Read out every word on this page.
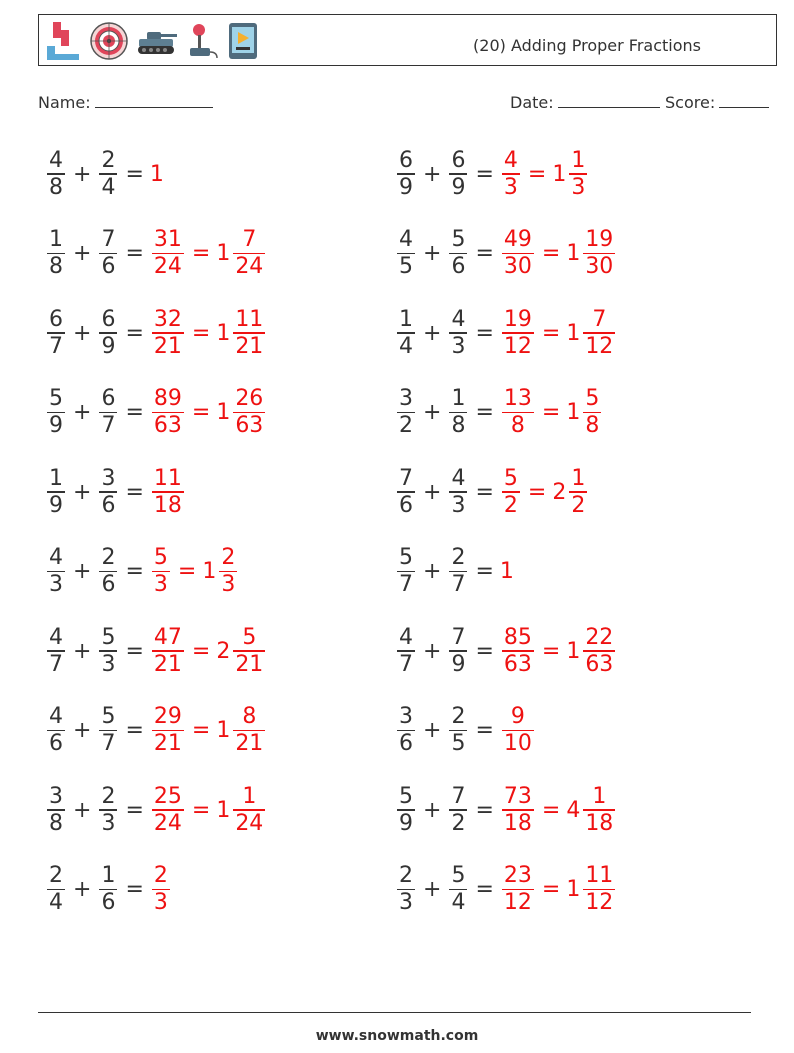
(20) Adding Proper Fractions
Name:	Date:	Score:
$\frac{4}{8} + \frac{2}{4} = 1$	$\frac{6}{9} + \frac{6}{9} = \frac{4}{3} = 1 \frac{1}{3}$
$\frac{1}{8} + \frac{7}{6} = \frac{31}{24} = 1 \frac{7}{24}$	$\frac{4}{5} + \frac{5}{6} = \frac{49}{30} = 1 \frac{19}{30}$
$\frac{6}{7} + \frac{6}{9} = \frac{32}{21} = 1 \frac{11}{21}$	$\frac{1}{4} + \frac{4}{3} = \frac{19}{12} = 1 \frac{7}{12}$
$\frac{5}{9} + \frac{6}{7} = \frac{89}{63} = 1 \frac{26}{63}$	$\frac{3}{2} + \frac{1}{8} = \frac{13}{8} = 1 \frac{5}{8}$
$\frac{1}{9} + \frac{3}{6} = \frac{11}{18}$	$\frac{7}{6} + \frac{4}{3} = \frac{5}{2} = 2 \frac{1}{2}$
$\frac{4}{3} + \frac{2}{6} = \frac{5}{3} = 1 \frac{2}{3}$	$\frac{5}{7} + \frac{2}{7} = 1$
$\frac{4}{7} + \frac{5}{3} = \frac{47}{21} = 2 \frac{5}{21}$	$\frac{4}{7} + \frac{7}{9} = \frac{85}{63} = 1 \frac{22}{63}$
$\frac{4}{6} + \frac{5}{7} = \frac{29}{21} = 1 \frac{8}{21}$	$\frac{3}{6} + \frac{2}{5} = \frac{9}{10}$
$\frac{3}{8} + \frac{2}{3} = \frac{25}{24} = 1 \frac{1}{24}$	$\frac{5}{9} + \frac{7}{2} = \frac{73}{18} = 4 \frac{1}{18}$
$\frac{2}{4} + \frac{1}{6} = \frac{2}{3}$	$\frac{2}{3} + \frac{5}{4} = \frac{23}{12} = 1 \frac{11}{12}$
www.snowmath.com
